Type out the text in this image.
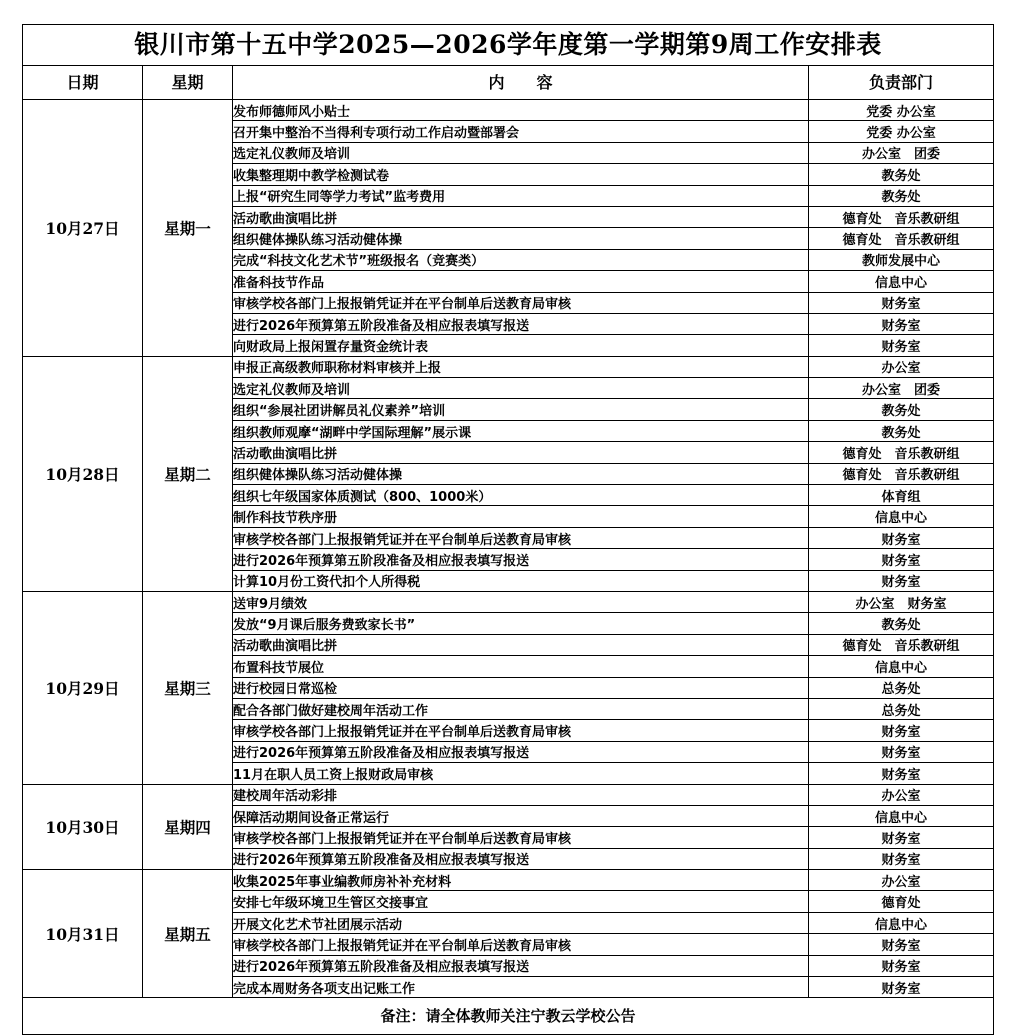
银川市第十五中学2025—2026学年度第一学期第9周工作安排表			
日期	星期	内　　容	负责部门
10月27日	星期一	发布师德师风小贴士	党委 办公室
		召开集中整治不当得利专项行动工作启动暨部署会	党委 办公室
		选定礼仪教师及培训	办公室　团委
		收集整理期中教学检测试卷	教务处
		上报“研究生同等学力考试”监考费用	教务处
		活动歌曲演唱比拼	德育处　音乐教研组
		组织健体操队练习活动健体操	德育处　音乐教研组
		完成“科技文化艺术节”班级报名（竞赛类）	教师发展中心
		准备科技节作品	信息中心
		审核学校各部门上报报销凭证并在平台制单后送教育局审核	财务室
		进行2026年预算第五阶段准备及相应报表填写报送	财务室
		向财政局上报闲置存量资金统计表	财务室
10月28日	星期二	申报正高级教师职称材料审核并上报	办公室
		选定礼仪教师及培训	办公室　团委
		组织“参展社团讲解员礼仪素养”培训	教务处
		组织教师观摩“湖畔中学国际理解”展示课	教务处
		活动歌曲演唱比拼	德育处　音乐教研组
		组织健体操队练习活动健体操	德育处　音乐教研组
		组织七年级国家体质测试（800、1000米）	体育组
		制作科技节秩序册	信息中心
		审核学校各部门上报报销凭证并在平台制单后送教育局审核	财务室
		进行2026年预算第五阶段准备及相应报表填写报送	财务室
		计算10月份工资代扣个人所得税	财务室
10月29日	星期三	送审9月绩效	办公室　财务室
		发放“9月课后服务费致家长书”	教务处
		活动歌曲演唱比拼	德育处　音乐教研组
		布置科技节展位	信息中心
		进行校园日常巡检	总务处
		配合各部门做好建校周年活动工作	总务处
		审核学校各部门上报报销凭证并在平台制单后送教育局审核	财务室
		进行2026年预算第五阶段准备及相应报表填写报送	财务室
		11月在职人员工资上报财政局审核	财务室
10月30日	星期四	建校周年活动彩排	办公室
		保障活动期间设备正常运行	信息中心
		审核学校各部门上报报销凭证并在平台制单后送教育局审核	财务室
		进行2026年预算第五阶段准备及相应报表填写报送	财务室
10月31日	星期五	收集2025年事业编教师房补补充材料	办公室
		安排七年级环境卫生管区交接事宜	德育处
		开展文化艺术节社团展示活动	信息中心
		审核学校各部门上报报销凭证并在平台制单后送教育局审核	财务室
		进行2026年预算第五阶段准备及相应报表填写报送	财务室
		完成本周财务各项支出记账工作	财务室
备注：请全体教师关注宁教云学校公告			
